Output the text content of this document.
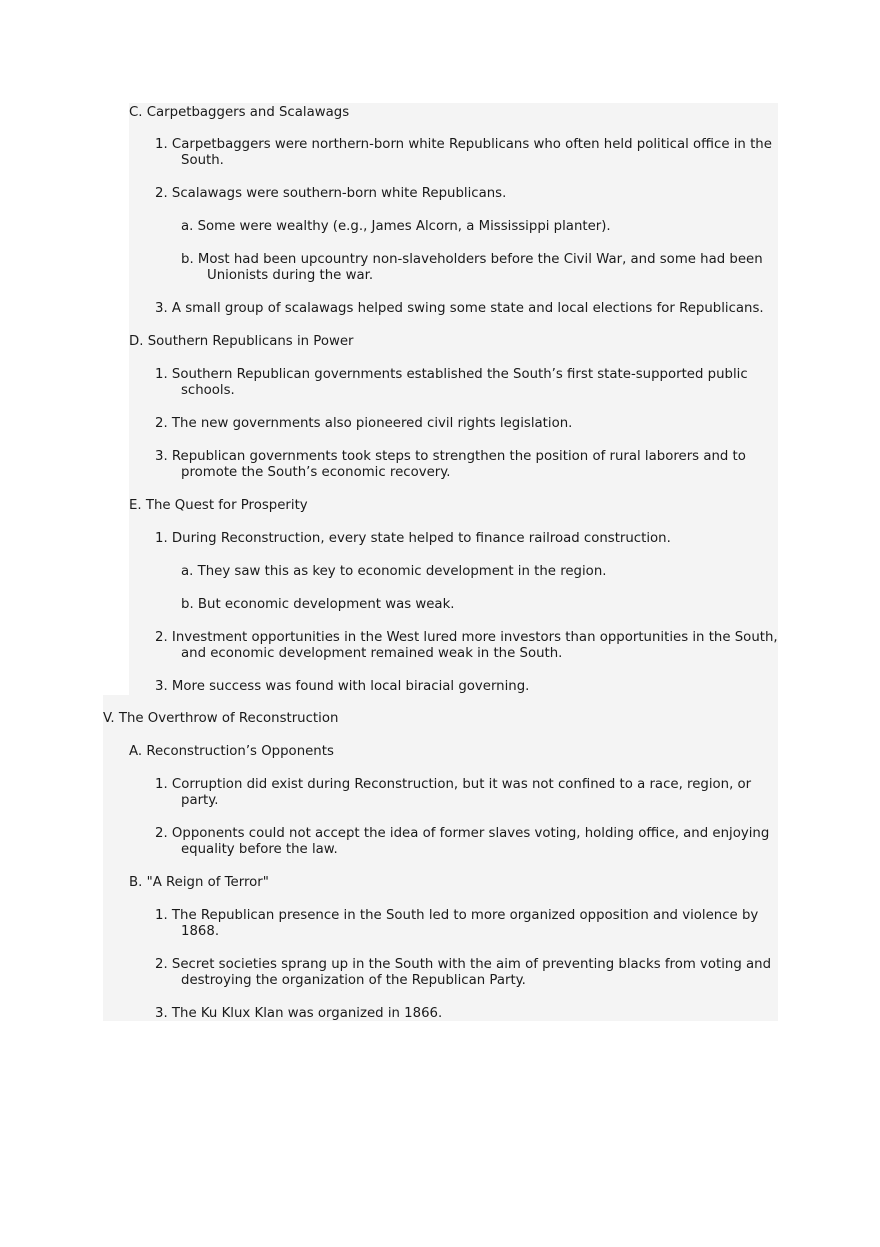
C. Carpetbaggers and Scalawags
1. Carpetbaggers were northern-born white Republicans who often held political office in the
South.
2. Scalawags were southern-born white Republicans.
a. Some were wealthy (e.g., James Alcorn, a Mississippi planter).
b. Most had been upcountry non-slaveholders before the Civil War, and some had been
Unionists during the war.
3. A small group of scalawags helped swing some state and local elections for Republicans.
D. Southern Republicans in Power
1. Southern Republican governments established the South’s first state-supported public
schools.
2. The new governments also pioneered civil rights legislation.
3. Republican governments took steps to strengthen the position of rural laborers and to
promote the South’s economic recovery.
E. The Quest for Prosperity
1. During Reconstruction, every state helped to finance railroad construction.
a. They saw this as key to economic development in the region.
b. But economic development was weak.
2. Investment opportunities in the West lured more investors than opportunities in the South,
and economic development remained weak in the South.
3. More success was found with local biracial governing.
V. The Overthrow of Reconstruction
A. Reconstruction’s Opponents
1. Corruption did exist during Reconstruction, but it was not confined to a race, region, or
party.
2. Opponents could not accept the idea of former slaves voting, holding office, and enjoying
equality before the law.
B. "A Reign of Terror"
1. The Republican presence in the South led to more organized opposition and violence by
1868.
2. Secret societies sprang up in the South with the aim of preventing blacks from voting and
destroying the organization of the Republican Party.
3. The Ku Klux Klan was organized in 1866.
